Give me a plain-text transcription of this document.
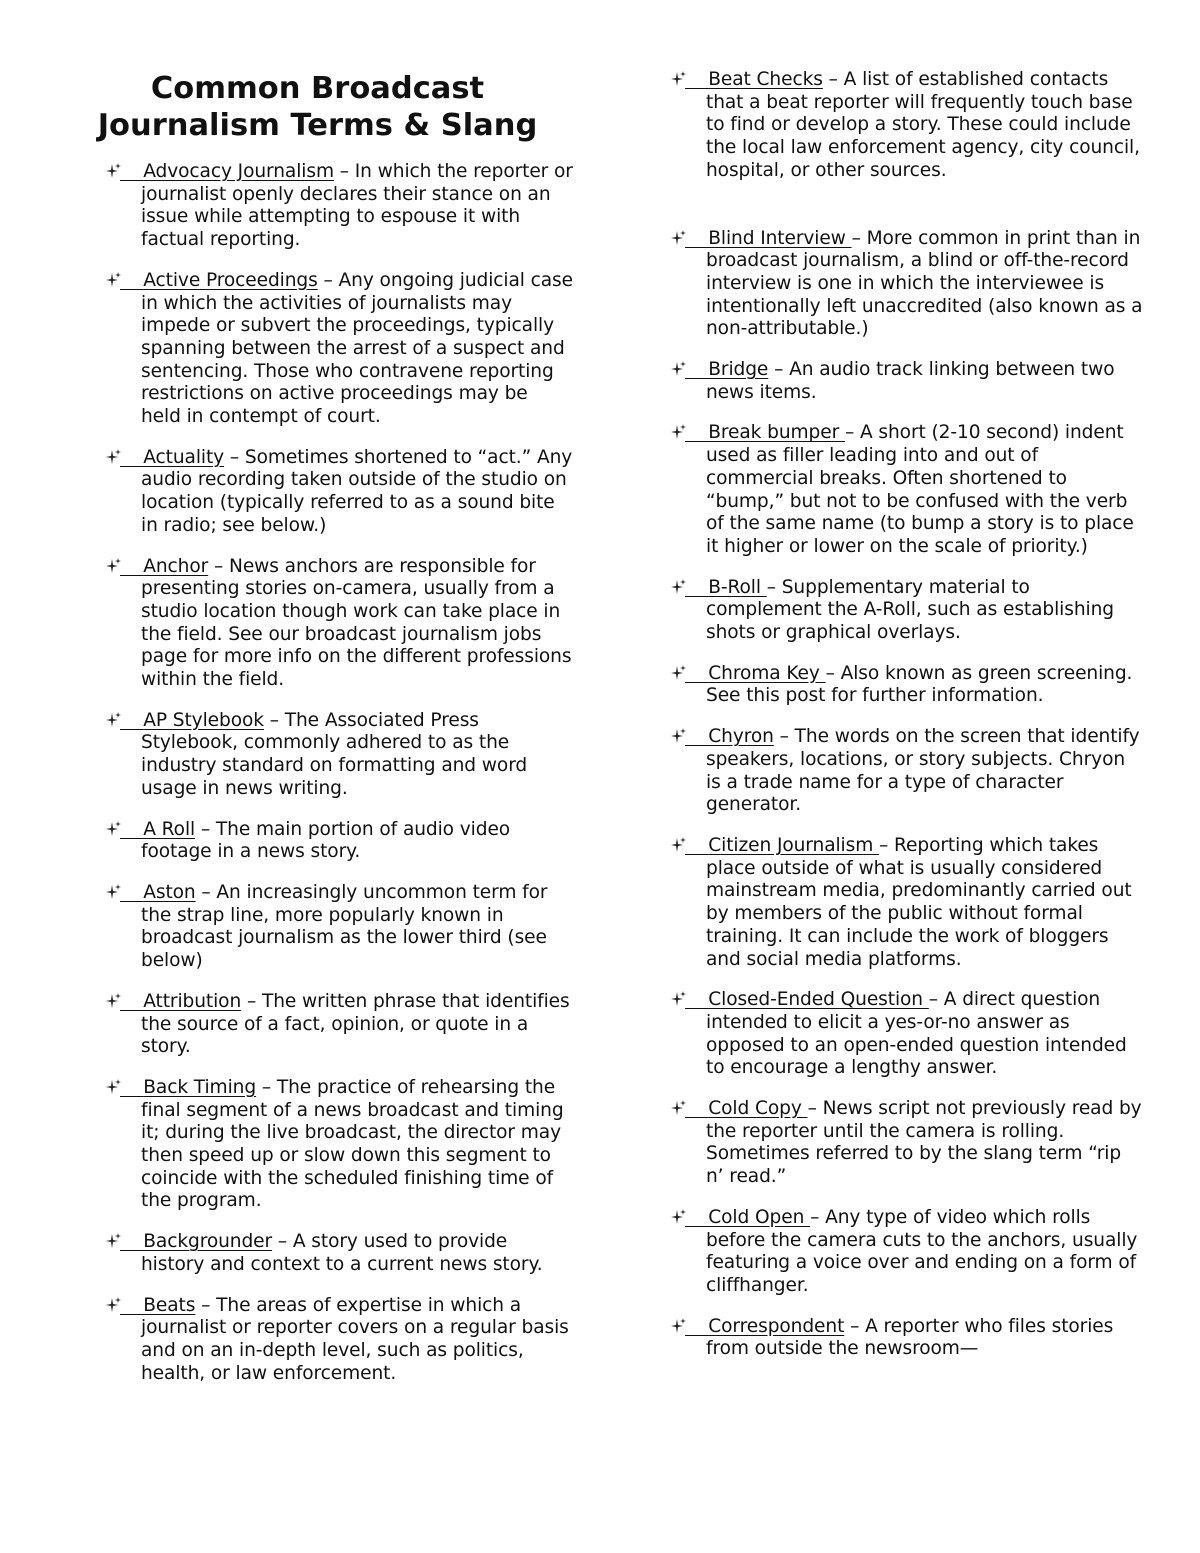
Common Broadcast
Journalism Terms & Slang
Advocacy Journalism – In which the reporter or journalist openly declares their stance on an issue while attempting to espouse it with factual reporting.
Active Proceedings – Any ongoing judicial case in which the activities of journalists may impede or subvert the proceedings, typically spanning between the arrest of a suspect and sentencing. Those who contravene reporting restrictions on active proceedings may be held in contempt of court.
Actuality – Sometimes shortened to “act.” Any audio recording taken outside of the studio on location (typically referred to as a sound bite in radio; see below.)
Anchor – News anchors are responsible for presenting stories on-camera, usually from a studio location though work can take place in the field. See our broadcast journalism jobs page for more info on the different professions within the field.
AP Stylebook – The Associated Press Stylebook, commonly adhered to as the industry standard on formatting and word usage in news writing.
A Roll – The main portion of audio video footage in a news story.
Aston – An increasingly uncommon term for the strap line, more popularly known in broadcast journalism as the lower third (see below)
Attribution – The written phrase that identifies the source of a fact, opinion, or quote in a story.
Back Timing – The practice of rehearsing the final segment of a news broadcast and timing it; during the live broadcast, the director may then speed up or slow down this segment to coincide with the scheduled finishing time of the program.
Backgrounder – A story used to provide history and context to a current news story.
Beats – The areas of expertise in which a journalist or reporter covers on a regular basis and on an in-depth level, such as politics, health, or law enforcement.
Beat Checks – A list of established contacts that a beat reporter will frequently touch base to find or develop a story. These could include the local law enforcement agency, city council, hospital, or other sources.
Blind Interview – More common in print than in broadcast journalism, a blind or off-the-record interview is one in which the interviewee is intentionally left unaccredited (also known as a non-attributable.)
Bridge – An audio track linking between two news items.
Break bumper – A short (2-10 second) indent used as filler leading into and out of commercial breaks. Often shortened to “bump,” but not to be confused with the verb of the same name (to bump a story is to place it higher or lower on the scale of priority.)
B-Roll – Supplementary material to complement the A-Roll, such as establishing shots or graphical overlays.
Chroma Key – Also known as green screening. See this post for further information.
Chyron – The words on the screen that identify speakers, locations, or story subjects. Chryon is a trade name for a type of character generator.
Citizen Journalism – Reporting which takes place outside of what is usually considered mainstream media, predominantly carried out by members of the public without formal training. It can include the work of bloggers and social media platforms.
Closed-Ended Question – A direct question intended to elicit a yes-or-no answer as opposed to an open-ended question intended to encourage a lengthy answer.
Cold Copy – News script not previously read by the reporter until the camera is rolling. Sometimes referred to by the slang term “rip n’ read.”
Cold Open – Any type of video which rolls before the camera cuts to the anchors, usually featuring a voice over and ending on a form of cliffhanger.
Correspondent – A reporter who files stories from outside the newsroom—
